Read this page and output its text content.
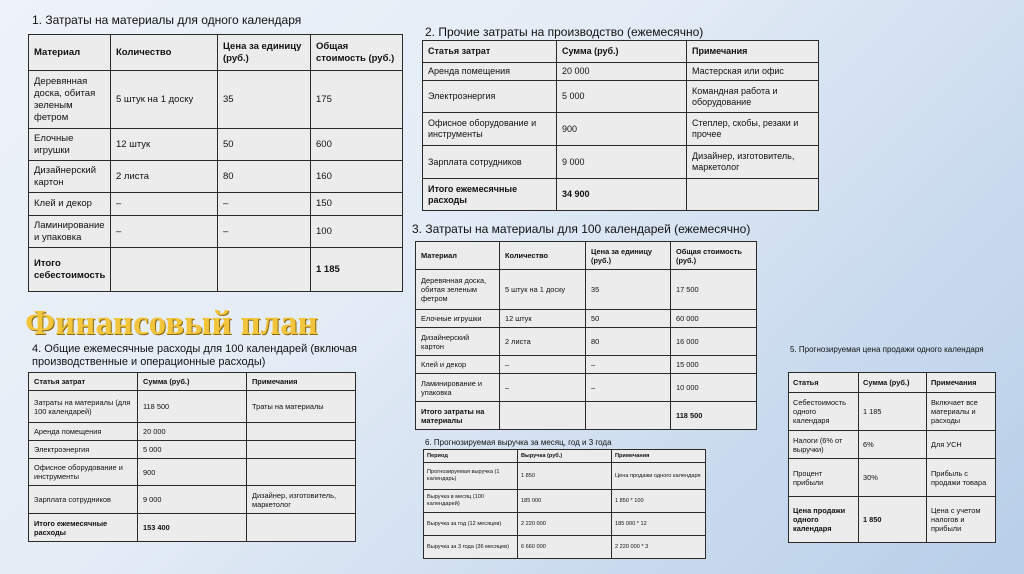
Финансовый план
1. Затраты на материалы для одного календаря
Материал	Количество	Цена за единицу (руб.)	Общая стоимость (руб.)
Деревянная доска, обитая зеленым фетром	5 штук на 1 доску	35	175
Елочные игрушки	12 штук	50	600
Дизайнерский картон	2 листа	80	160
Клей и декор	–	–	150
Ламинирование и упаковка	–	–	100
Итого себестоимость			1 185
2. Прочие затраты на производство (ежемесячно)
Статья затрат	Сумма (руб.)	Примечания
Аренда помещения	20 000	Мастерская или офис
Электроэнергия	5 000	Командная работа и оборудование
Офисное оборудование и инструменты	900	Степлер, скобы, резаки и прочее
Зарплата сотрудников	9 000	Дизайнер, изготовитель, маркетолог
Итого ежемесячные расходы	34 900	
3. Затраты на материалы для 100 календарей (ежемесячно)
Материал	Количество	Цена за единицу (руб.)	Общая стоимость (руб.)
Деревянная доска, обитая зеленым фетром	5 штук на 1 доску	35	17 500
Елочные игрушки	12 штук	50	60 000
Дизайнерский картон	2 листа	80	16 000
Клей и декор	–	–	15 000
Ламинирование и упаковка	–	–	10 000
Итого затраты на материалы			118 500
4. Общие ежемесячные расходы для 100 календарей (включая производственные и операционные расходы)
Статья затрат	Сумма (руб.)	Примечания
Затраты на материалы (для 100 календарей)	118 500	Траты на материалы
Аренда помещения	20 000	
Электроэнергия	5 000	
Офисное оборудование и инструменты	900	
Зарплата сотрудников	9 000	Дизайнер, изготовитель, маркетолог
Итого ежемесячные расходы	153 400	
5. Прогнозируемая цена продажи одного календаря
Статья	Сумма (руб.)	Примечания
Себестоимость одного календаря	1 185	Включает все материалы и расходы
Налоги (6% от выручки)	6%	Для УСН
Процент прибыли	30%	Прибыль с продажи товара
Цена продажи одного календаря	1 850	Цена с учетом налогов и прибыли
6. Прогнозируемая выручка за месяц, год и 3 года
Период	Выручка (руб.)	Примечания
Прогнозируемая выручка (1 календарь)	1 850	Цена продажи одного календаря
Выручка в месяц (100 календарей)	185 000	1 850 * 100
Выручка за год (12 месяцев)	2 220 000	185 000 * 12
Выручка за 3 года (36 месяцев)	6 660 000	2 220 000 * 3
